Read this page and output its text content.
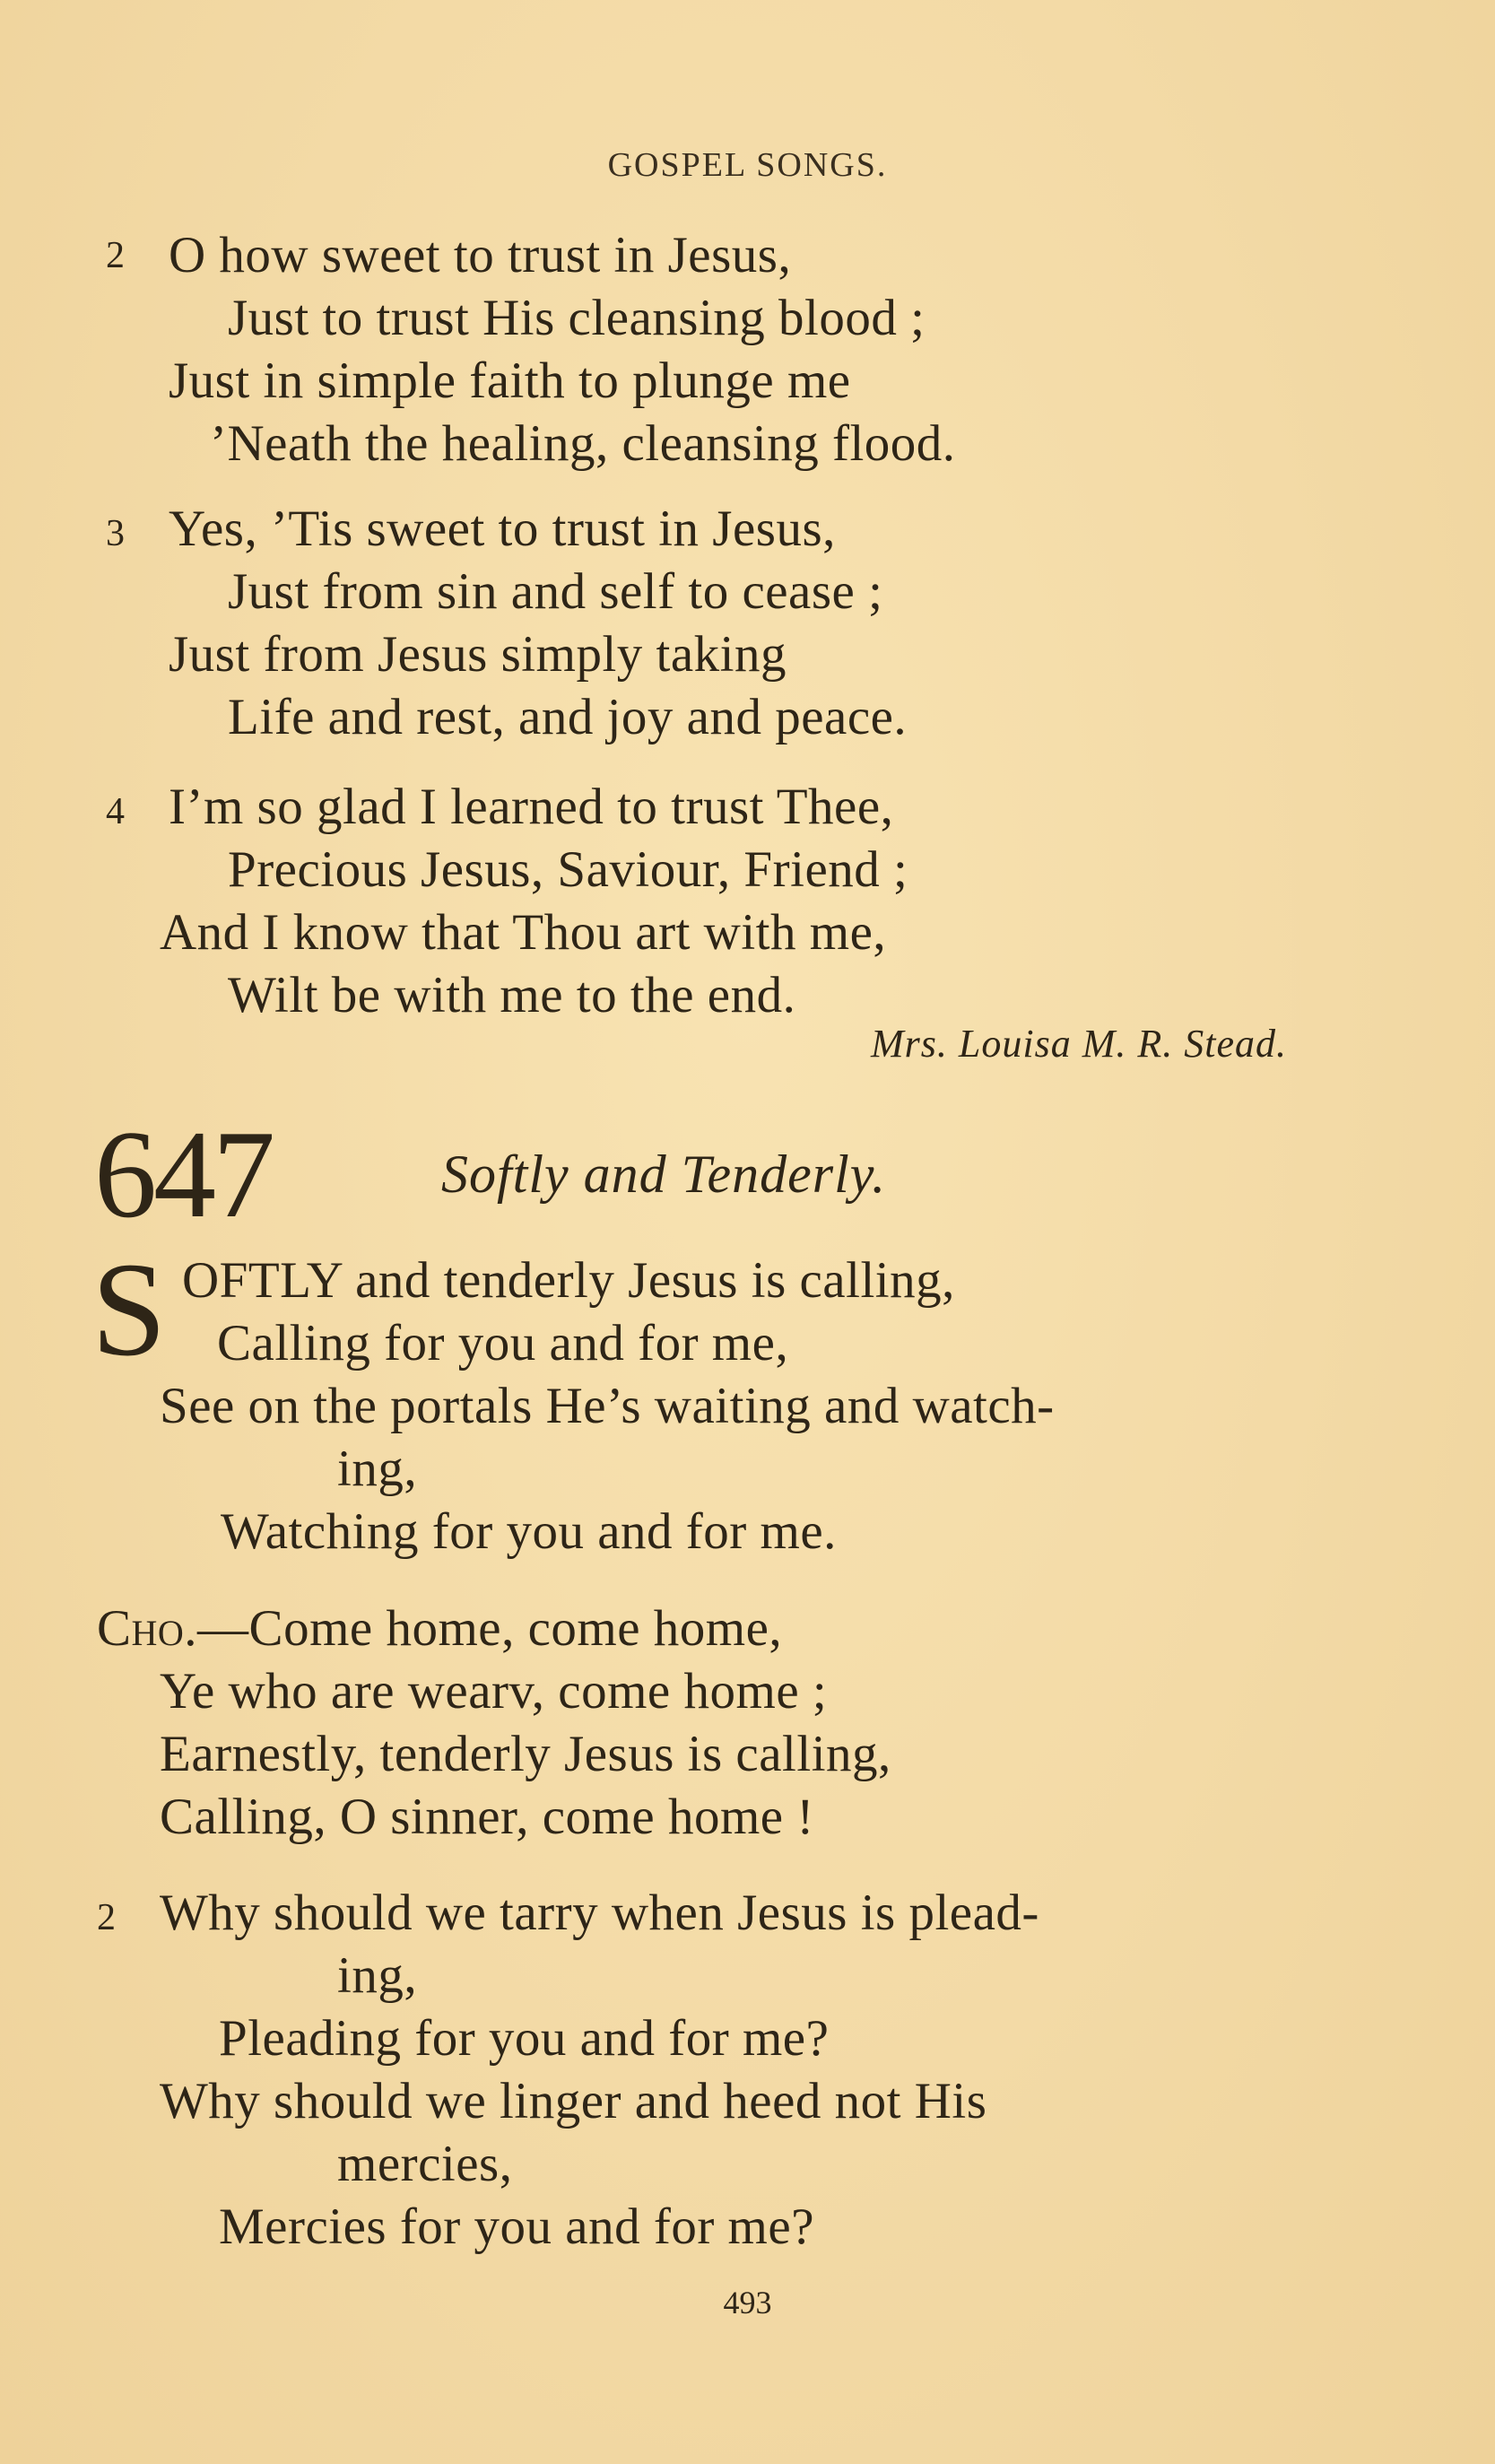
GOSPEL SONGS.
2 O how sweet to trust in Jesus,
Just to trust His cleansing blood ;
Just in simple faith to plunge me
’Neath the healing, cleansing flood.
3 Yes, ’Tis sweet to trust in Jesus,
Just from sin and self to cease ;
Just from Jesus simply taking
Life and rest, and joy and peace.
4 I’m so glad I learned to trust Thee,
Precious Jesus, Saviour, Friend ;
And I know that Thou art with me,
Wilt be with me to the end.
Mrs. Louisa M. R. Stead.
647	Softly and Tenderly.
S OFTLY and tenderly Jesus is calling,
Calling for you and for me,
See on the portals He’s waiting and watch-
ing,
Watching for you and for me.
Cho.—Come home, come home,
Ye who are wearv, come home ;
Earnestly, tenderly Jesus is calling,
Calling, O sinner, come home !
2 Why should we tarry when Jesus is plead-
ing,
Pleading for you and for me?
Why should we linger and heed not His
mercies,
Mercies for you and for me?
493
